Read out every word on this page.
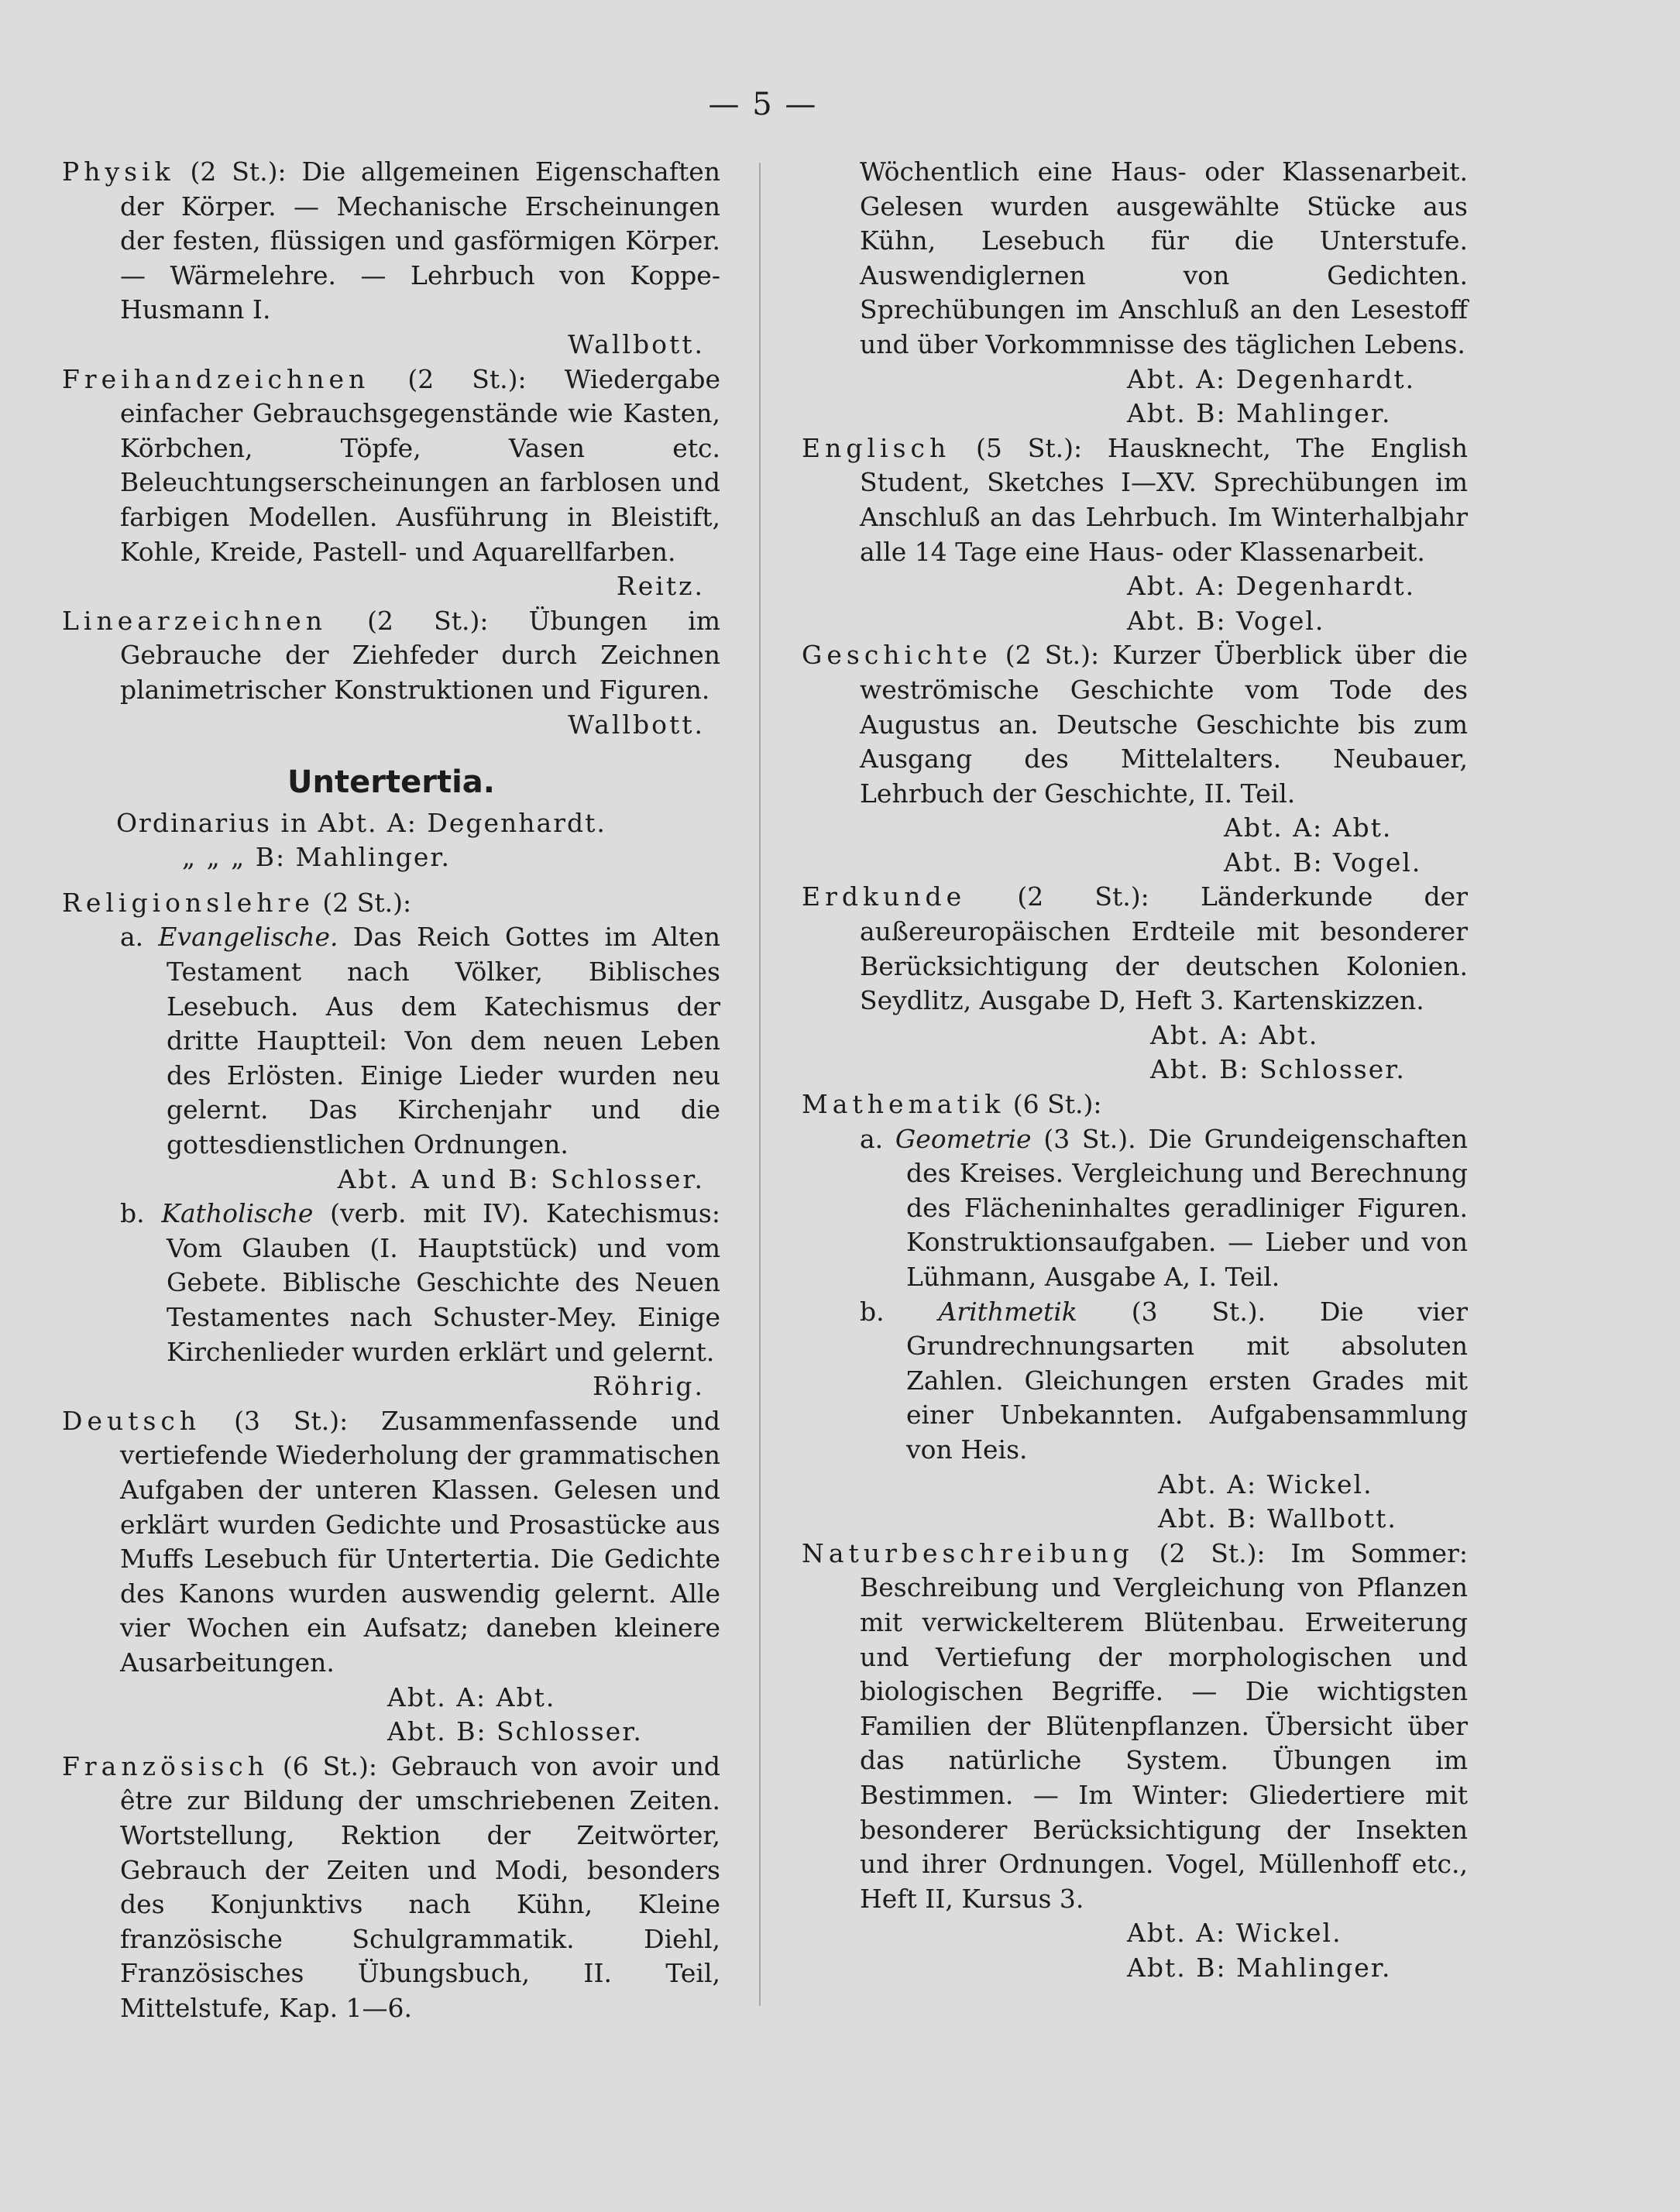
— 5 —

Physik (2 St.): Die allgemeinen Eigenschaften der Körper. — Mechanische Erscheinungen der festen, flüssigen und gasförmigen Körper. — Wärmelehre. — Lehrbuch von Koppe-Husmann I.

Wallbott.

Freihandzeichnen (2 St.): Wiedergabe einfacher Gebrauchsgegenstände wie Kasten, Körbchen, Töpfe, Vasen etc. Beleuchtungserscheinungen an farblosen und farbigen Modellen. Ausführung in Bleistift, Kohle, Kreide, Pastell- und Aquarellfarben.

Reitz.

Linearzeichnen (2 St.): Übungen im Gebrauche der Ziehfeder durch Zeichnen planimetrischer Konstruktionen und Figuren.

Wallbott.
Untertertia.
Ordinarius in Abt. A: Degenhardt.
„ „ „ B: Mahlinger.
Religionslehre (2 St.):

a. Evangelische. Das Reich Gottes im Alten Testament nach Völker, Biblisches Lesebuch. Aus dem Katechismus der dritte Hauptteil: Von dem neuen Leben des Erlösten. Einige Lieder wurden neu gelernt. Das Kirchenjahr und die gottesdienstlichen Ordnungen.

Abt. A und B: Schlosser.

b. Katholische (verb. mit IV). Katechismus: Vom Glauben (I. Hauptstück) und vom Gebete. Biblische Geschichte des Neuen Testamentes nach Schuster-Mey. Einige Kirchenlieder wurden erklärt und gelernt.

Röhrig.

Deutsch (3 St.): Zusammenfassende und vertiefende Wiederholung der grammatischen Aufgaben der unteren Klassen. Gelesen und erklärt wurden Gedichte und Prosastücke aus Muffs Lesebuch für Untertertia. Die Gedichte des Kanons wurden auswendig gelernt. Alle vier Wochen ein Aufsatz; daneben kleinere Ausarbeitungen.

Abt. A: Abt.
Abt. B: Schlosser.

Französisch (6 St.): Gebrauch von avoir und être zur Bildung der umschriebenen Zeiten. Wortstellung, Rektion der Zeitwörter, Gebrauch der Zeiten und Modi, besonders des Konjunktivs nach Kühn, Kleine französische Schulgrammatik. Diehl, Französisches Übungsbuch, II. Teil, Mittelstufe, Kap. 1—6.

Wöchentlich eine Haus- oder Klassenarbeit. Gelesen wurden ausgewählte Stücke aus Kühn, Lesebuch für die Unterstufe. Auswendiglernen von Gedichten. Sprechübungen im Anschluß an den Lesestoff und über Vorkommnisse des täglichen Lebens.

Abt. A: Degenhardt.
Abt. B: Mahlinger.

Englisch (5 St.): Hausknecht, The English Student, Sketches I—XV. Sprechübungen im Anschluß an das Lehrbuch. Im Winterhalbjahr alle 14 Tage eine Haus- oder Klassenarbeit.

Abt. A: Degenhardt.
Abt. B: Vogel.

Geschichte (2 St.): Kurzer Überblick über die weströmische Geschichte vom Tode des Augustus an. Deutsche Geschichte bis zum Ausgang des Mittelalters. Neubauer, Lehrbuch der Geschichte, II. Teil.

Abt. A: Abt.
Abt. B: Vogel.

Erdkunde (2 St.): Länderkunde der außereuropäischen Erdteile mit besonderer Berücksichtigung der deutschen Kolonien. Seydlitz, Ausgabe D, Heft 3. Kartenskizzen.

Abt. A: Abt.
Abt. B: Schlosser.
Mathematik (6 St.):

a. Geometrie (3 St.). Die Grundeigenschaften des Kreises. Vergleichung und Berechnung des Flächeninhaltes geradliniger Figuren. Konstruktionsaufgaben. — Lieber und von Lühmann, Ausgabe A, I. Teil.

b. Arithmetik (3 St.). Die vier Grundrechnungsarten mit absoluten Zahlen. Gleichungen ersten Grades mit einer Unbekannten. Aufgabensammlung von Heis.

Abt. A: Wickel.
Abt. B: Wallbott.

Naturbeschreibung (2 St.): Im Sommer: Beschreibung und Vergleichung von Pflanzen mit verwickelterem Blütenbau. Erweiterung und Vertiefung der morphologischen und biologischen Begriffe. — Die wichtigsten Familien der Blütenpflanzen. Übersicht über das natürliche System. Übungen im Bestimmen. — Im Winter: Gliedertiere mit besonderer Berücksichtigung der Insekten und ihrer Ordnungen. Vogel, Müllenhoff etc., Heft II, Kursus 3.

Abt. A: Wickel.
Abt. B: Mahlinger.
